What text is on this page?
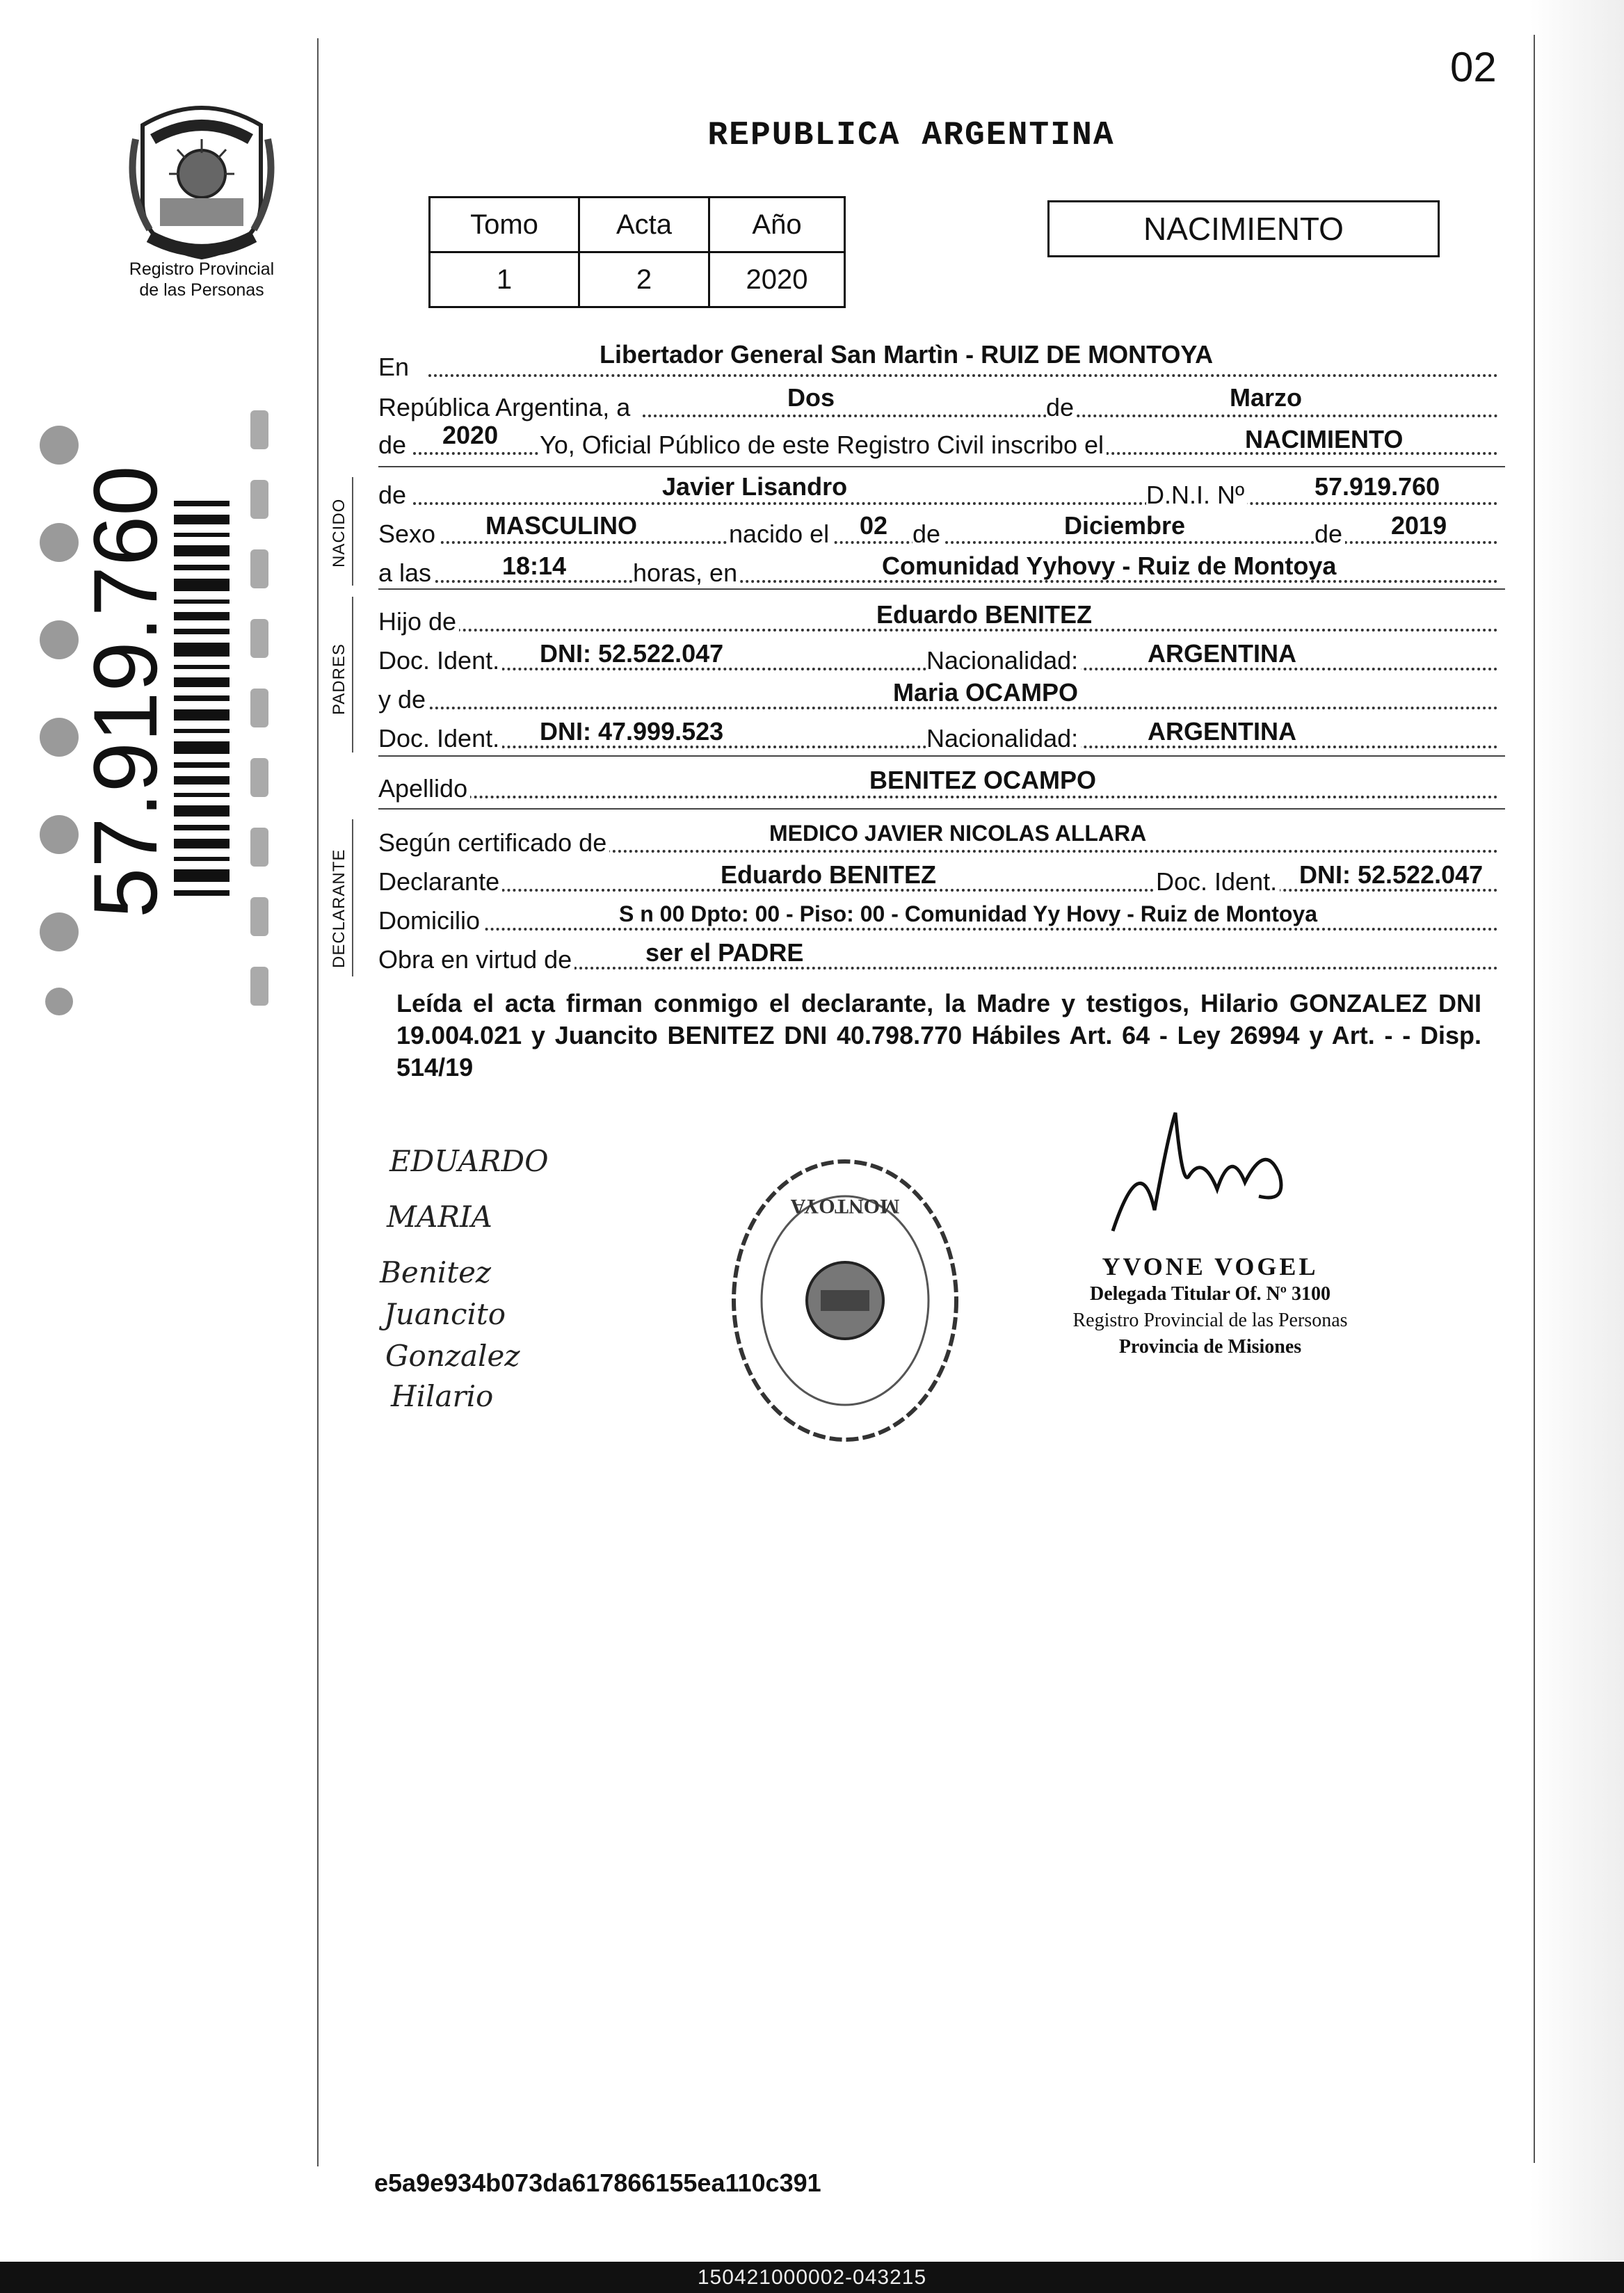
02
REPUBLICA ARGENTINA
Registro Provincial
de las Personas
57.919.760
Tomo	Acta	Año
1	2	2020
NACIMIENTO
En	Libertador General San Martìn - RUIZ DE MONTOYA
República Argentina, a	Dos	de	Marzo
de 2020 Yo, Oficial Público de este Registro Civil inscribo el	NACIMIENTO
de	Javier Lisandro	D.N.I. Nº	57.919.760
Sexo MASCULINO	nacido el 02 de	Diciembre	de 2019
a las	18:14	horas, en	Comunidad Yyhovy - Ruiz de Montoya
Hijo de	Eduardo BENITEZ
Doc. Ident. DNI: 52.522.047	Nacionalidad:	ARGENTINA
y de	Maria OCAMPO
Doc. Ident. DNI: 47.999.523	Nacionalidad:	ARGENTINA
Apellido	BENITEZ OCAMPO
Según certificado de	MEDICO JAVIER NICOLAS ALLARA
Declarante	Eduardo BENITEZ	Doc. Ident. DNI: 52.522.047
Domicilio	S n 00 Dpto: 00 - Piso: 00 - Comunidad Yy Hovy - Ruiz de Montoya
Obra en virtud de	ser el PADRE
NACIDO
PADRES
DECLARANTE
Leída el acta firman conmigo el declarante, la Madre y testigos, Hilario GONZALEZ DNI 19.004.021 y Juancito BENITEZ DNI 40.798.770 Hábiles Art. 64 - Ley 26994 y Art. - - Disp. 514/19
EDUARDO
MARIA
Benitez
Juancito
Gonzalez
Hilario
MONTOYA
YVONE VOGEL
Delegada Titular Of. Nº 3100
Registro Provincial de las Personas
Provincia de Misiones
e5a9e934b073da617866155ea110c391
150421000002-043215
